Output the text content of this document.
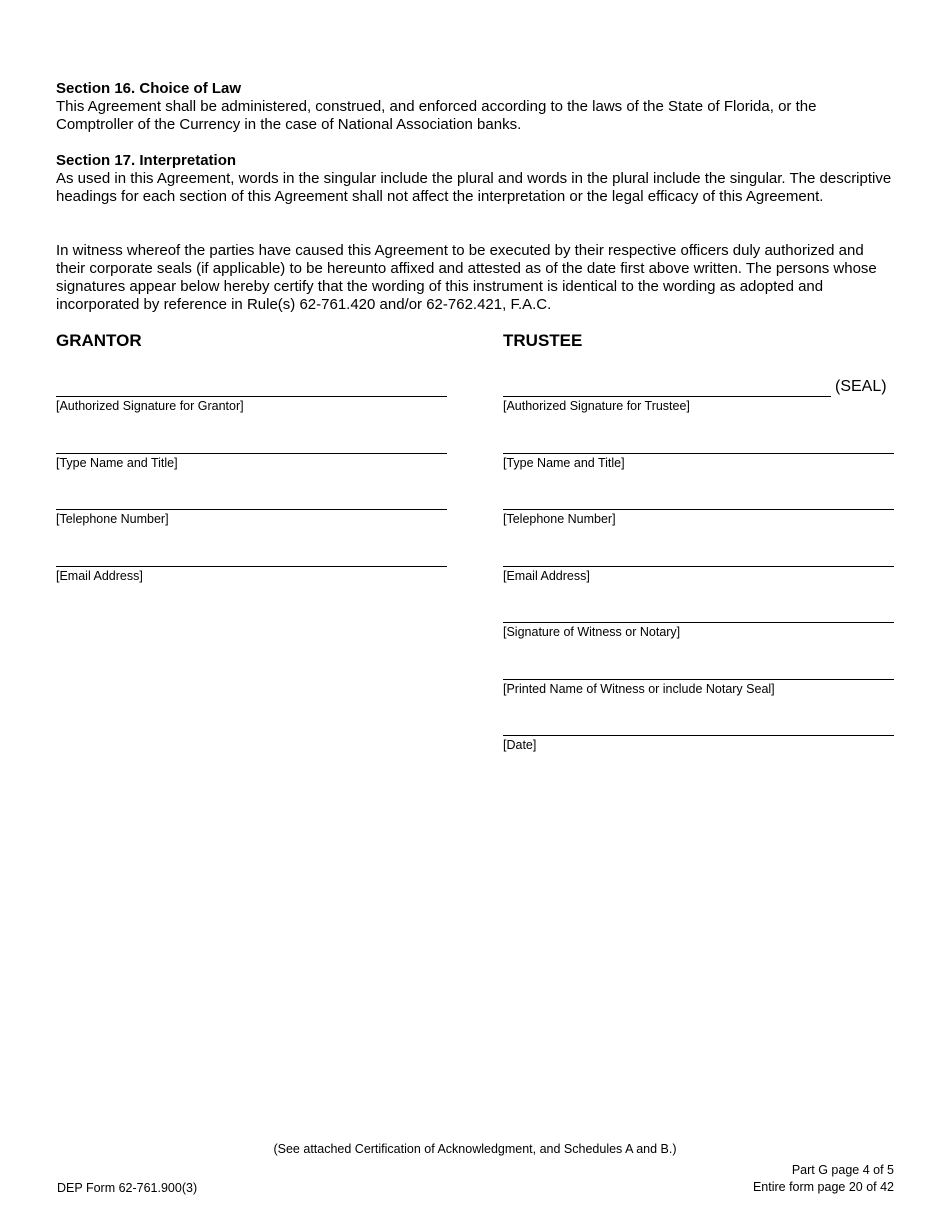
Section 16. Choice of Law

This Agreement shall be administered, construed, and enforced according to the laws of the State of Florida, or the Comptroller of the Currency in the case of National Association banks.

Section 17. Interpretation

As used in this Agreement, words in the singular include the plural and words in the plural include the singular. The descriptive headings for each section of this Agreement shall not affect the interpretation or the legal efficacy of this Agreement.

In witness whereof the parties have caused this Agreement to be executed by their respective officers duly authorized and their corporate seals (if applicable) to be hereunto affixed and attested as of the date first above written. The persons whose signatures appear below hereby certify that the wording of this instrument is identical to the wording as adopted and incorporated by reference in Rule(s) 62-761.420 and/or 62-762.421, F.A.C.

GRANTOR	TRUSTEE
[Authorized Signature for Grantor]
[Type Name and Title]
[Telephone Number]
[Email Address]
[Authorized Signature for Trustee]
(SEAL)
[Type Name and Title]
[Telephone Number]
[Email Address]
[Signature of Witness or Notary]
[Printed Name of Witness or include Notary Seal]
[Date]
(See attached Certification of Acknowledgment, and Schedules A and B.)
DEP Form 62-761.900(3)
Part G page 4 of 5
Entire form page 20 of 42
